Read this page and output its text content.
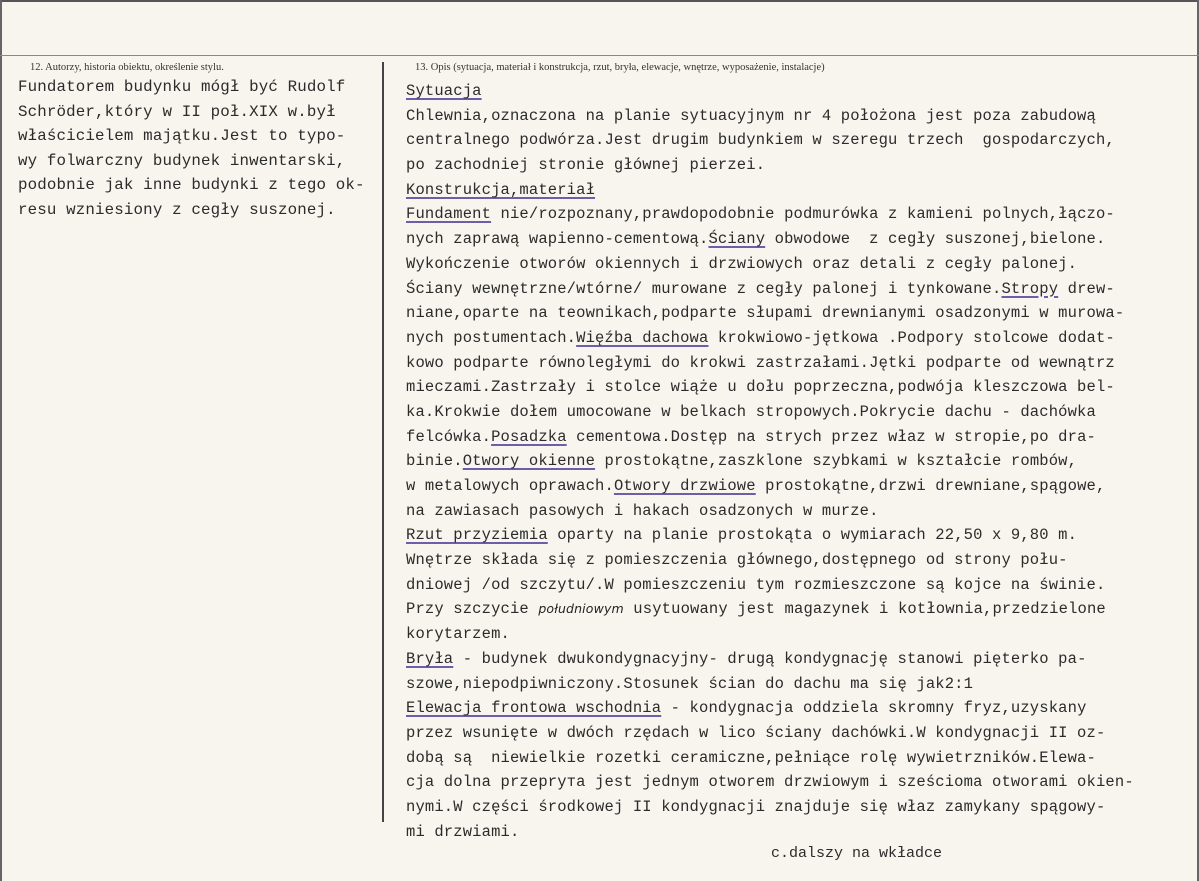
12. Autorzy, historia obiektu, określenie stylu.	13. Opis (sytuacja, materiał i konstrukcja, rzut, bryła, elewacje, wnętrze, wyposażenie, instalacje)
Fundatorem budynku mógł być Rudolf
Schröder,który w II poł.XIX w.był
właścicielem majątku.Jest to typo-
wy folwarczny budynek inwentarski,
podobnie jak inne budynki z tego ok-
resu wzniesiony z cegły suszonej.
Sytuacja
Chlewnia,oznaczona na planie sytuacyjnym nr 4 położona jest poza zabudową
centralnego podwórza.Jest drugim budynkiem w szeregu trzech  gospodarczych,
po zachodniej stronie głównej pierzei.
Konstrukcja,materiał
Fundament nie/rozpoznany,prawdopodobnie podmurówka z kamieni polnych,łączo-
nych zaprawą wapienno-cementową.Ściany obwodowe  z cegły suszonej,bielone.
Wykończenie otworów okiennych i drzwiowych oraz detali z cegły palonej.
Ściany wewnętrzne/wtórne/ murowane z cegły palonej i tynkowane.Stropy drew-
niane,oparte na teownikach,podparte słupami drewnianymi osadzonymi w murowa-
nych postumentach.Więźba dachowa krokwiowo-jętkowa .Podpory stolcowe dodat-
kowo podparte równoległymi do krokwi zastrzałami.Jętki podparte od wewnątrz
mieczami.Zastrzały i stolce wiąże u dołu poprzeczna,podwója kleszczowa bel-
ka.Krokwie dołem umocowane w belkach stropowych.Pokrycie dachu - dachówka
felcówka.Posadzka cementowa.Dostęp na strych przez właz w stropie,po dra-
binie.Otwory okienne prostokątne,zaszklone szybkami w kształcie rombów,
w metalowych oprawach.Otwory drzwiowe prostokątne,drzwi drewniane,spągowe,
na zawiasach pasowych i hakach osadzonych w murze.
Rzut przyziemia oparty na planie prostokąta o wymiarach 22,50 x 9,80 m.
Wnętrze składa się z pomieszczenia głównego,dostępnego od strony połu-
dniowej /od szczytu/.W pomieszczeniu tym rozmieszczone są kojce na świnie.
Przy szczycie południowym usytuowany jest magazynek i kotłownia,przedzielone
korytarzem.
Bryła - budynek dwukondygnacyjny- drugą kondygnację stanowi pięterko pa-
szowe,niepodpiwniczony.Stosunek ścian do dachu ma się jak2:1
Elewacja frontowa wschodnia - kondygnacja oddziela skromny fryz,uzyskany
przez wsunięte w dwóch rzędach w lico ściany dachówki.W kondygnacji II oz-
dobą są  niewielkie rozetki ceramiczne,pełniące rolę wywietrzników.Elewa-
cja dolna przeprута jest jednym otworem drzwiowym i sześcioma otworami okien-
nymi.W części środkowej II kondygnacji znajduje się właz zamykany spągowy-
mi drzwiami.
c.dalszy na wkładce
